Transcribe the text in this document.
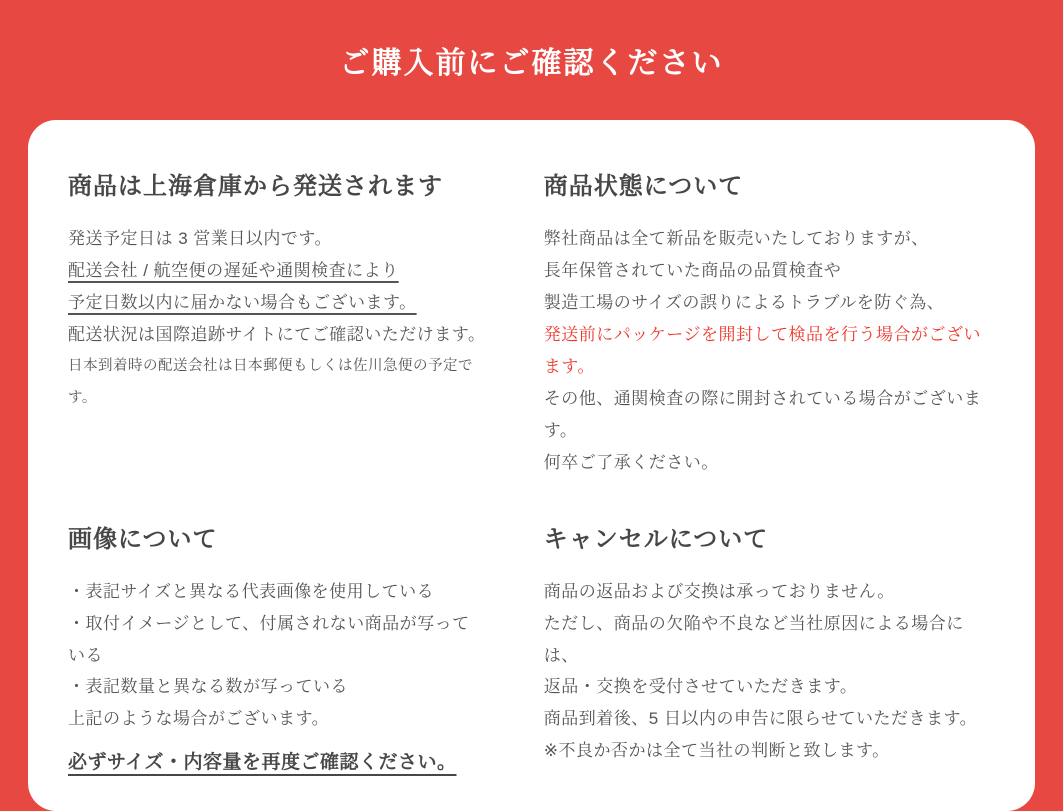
ご購入前にご確認ください
商品は上海倉庫から発送されます

発送予定日は 3 営業日以内です。

配送会社 / 航空便の遅延や通関検査により

予定日数以内に届かない場合もございます。

配送状況は国際追跡サイトにてご確認いただけます。

日本到着時の配送会社は日本郵便もしくは佐川急便の予定です。

商品状態について

弊社商品は全て新品を販売いたしておりますが、

長年保管されていた商品の品質検査や

製造工場のサイズの誤りによるトラブルを防ぐ為、

発送前にパッケージを開封して検品を行う場合がございます。

その他、通関検査の際に開封されている場合がございます。

何卒ご了承ください。

画像について

・表記サイズと異なる代表画像を使用している

・取付イメージとして、付属されない商品が写っている

・表記数量と異なる数が写っている

上記のような場合がございます。

必ずサイズ・内容量を再度ご確認ください。

キャンセルについて

商品の返品および交換は承っておりません。

ただし、商品の欠陥や不良など当社原因による場合には、

返品・交換を受付させていただきます。

商品到着後、5 日以内の申告に限らせていただきます。

※不良か否かは全て当社の判断と致します。
